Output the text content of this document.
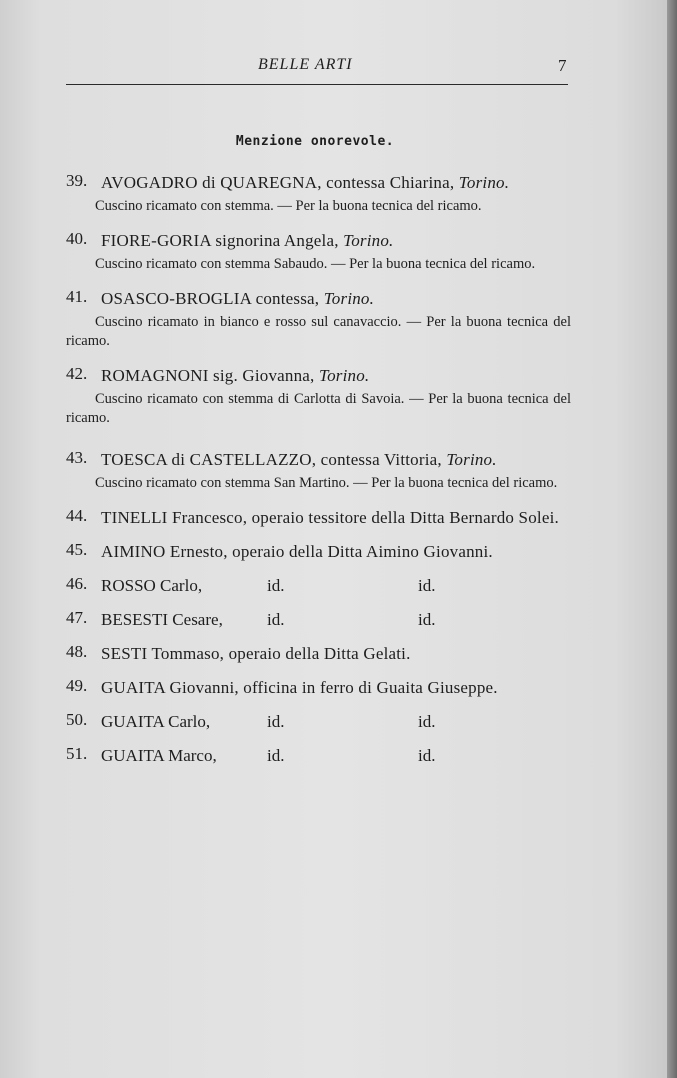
BELLE ARTI	7
Menzione onorevole.
39. AVOGADRO di QUAREGNA, contessa Chiarina, Torino.
Cuscino ricamato con stemma. — Per la buona tecnica del ricamo.
40. FIORE-GORIA signorina Angela, Torino.
Cuscino ricamato con stemma Sabaudo. — Per la buona tecnica del ricamo.
41. OSASCO-BROGLIA contessa, Torino.
Cuscino ricamato in bianco e rosso sul canavaccio. — Per la buona tecnica del ricamo.
42. ROMAGNONI sig. Giovanna, Torino.
Cuscino ricamato con stemma di Carlotta di Savoia. — Per la buona tecnica del ricamo.
43. TOESCA di CASTELLAZZO, contessa Vittoria, Torino.
Cuscino ricamato con stemma San Martino. — Per la buona tecnica del ricamo.
44. TINELLI Francesco, operaio tessitore della Ditta Bernardo Solei.
45. AIMINO Ernesto, operaio della Ditta Aimino Giovanni.
46. ROSSO Carlo,	id.	id.
47. BESESTI Cesare,	id.	id.
48. SESTI Tommaso, operaio della Ditta Gelati.
49. GUAITA Giovanni, officina in ferro di Guaita Giuseppe.
50. GUAITA Carlo,	id.	id.
51. GUAITA Marco,	id.	id.
